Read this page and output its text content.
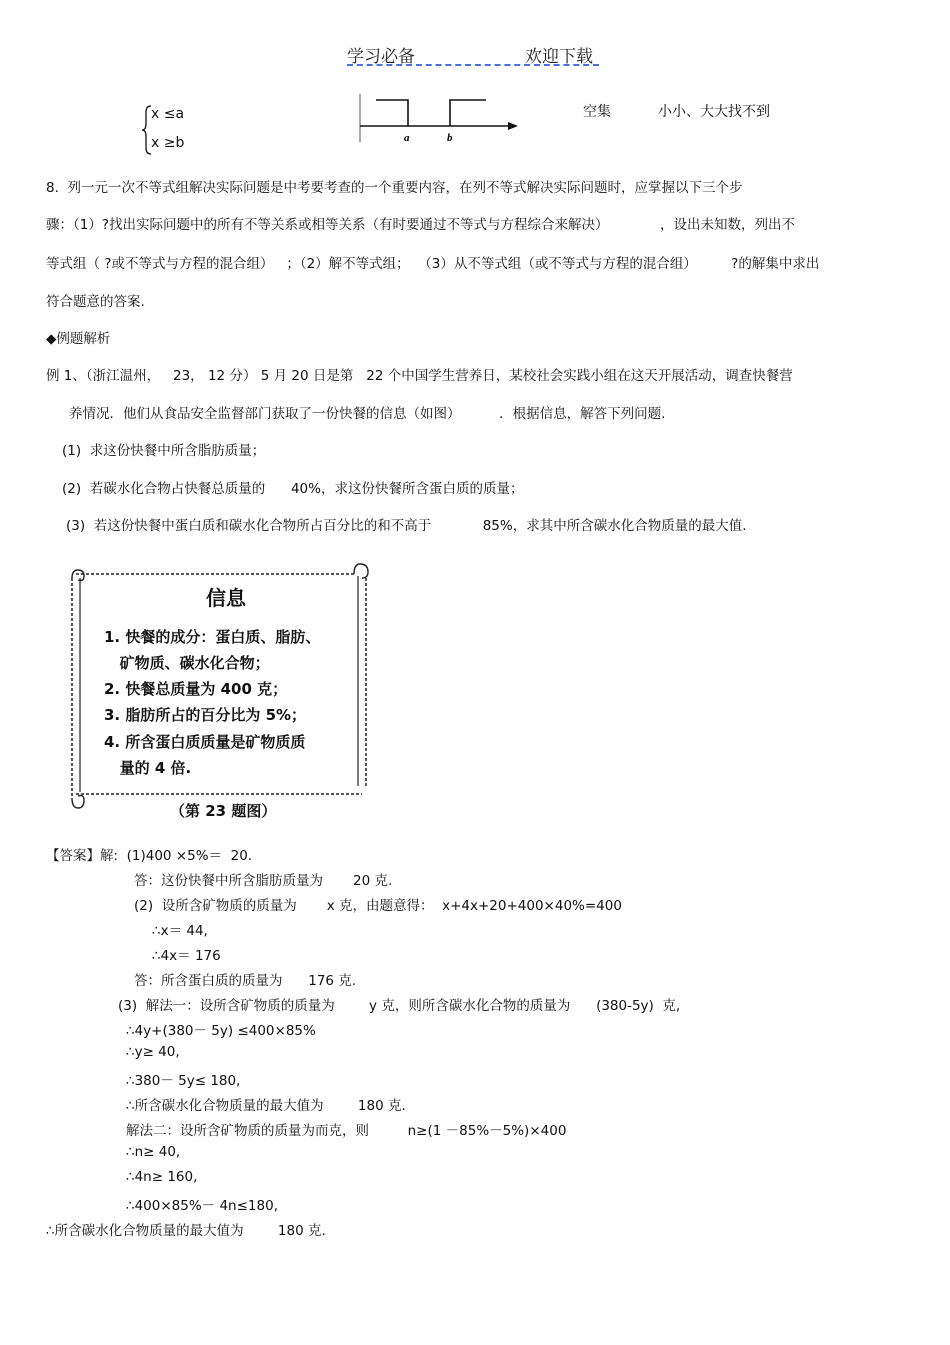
学习必备	欢迎下载
x ≤a
x ≥b	a	b
空集	小小、大大找不到
8.  列一元一次不等式组解决实际问题是中考要考查的一个重要内容，在列不等式解决实际问题时，应掌握以下三个步
骤：（1）?找出实际问题中的所有不等关系或相等关系（有时要通过不等式与方程综合来解决）            ，设出未知数，列出不
等式组（ ?或不等式与方程的混合组）   ；（2）解不等式组；  （3）从不等式组（或不等式与方程的混合组）        ?的解集中求出
符合题意的答案.
◆例题解析
例 1、（浙江温州，   23， 12 分） 5 月 20 日是第   22 个中国学生营养日，某校社会实践小组在这天开展活动，调查快餐营
养情况．他们从食品安全监督部门获取了一份快餐的信息（如图）         ．根据信息，解答下列问题.
(1)  求这份快餐中所含脂肪质量；
(2)  若碳水化合物占快餐总质量的      40%，求这份快餐所含蛋白质的质量；
(3)  若这份快餐中蛋白质和碳水化合物所占百分比的和不高于            85%，求其中所含碳水化合物质量的最大值.
信息
1. 快餐的成分：蛋白质、脂肪、
矿物质、碳水化合物；
2. 快餐总质量为 400 克；
3. 脂肪所占的百分比为 5%；
4. 所含蛋白质质量是矿物质质
量的 4 倍.
（第 23 题图）
【答案】解:  (1)400 ×5%＝  20.
答：这份快餐中所含脂肪质量为       20 克.
(2)  设所含矿物质的质量为       x 克，由题意得：  x+4x+20+400×40%=400
∴x＝ 44,
∴4x＝ 176
答：所含蛋白质的质量为      176 克.
(3)  解法一：设所含矿物质的质量为        y 克，则所含碳水化合物的质量为      (380-5y)  克,
∴4y+(380－ 5y) ≤400×85%
∴y≥ 40,
∴380－ 5y≤ 180,
∴所含碳水化合物质量的最大值为        180 克.
解法二：设所含矿物质的质量为而克，则         n≥(1 －85%－5%)×400
∴n≥ 40,
∴4n≥ 160,
∴400×85%－ 4n≤180,
∴所含碳水化合物质量的最大值为        180 克.
